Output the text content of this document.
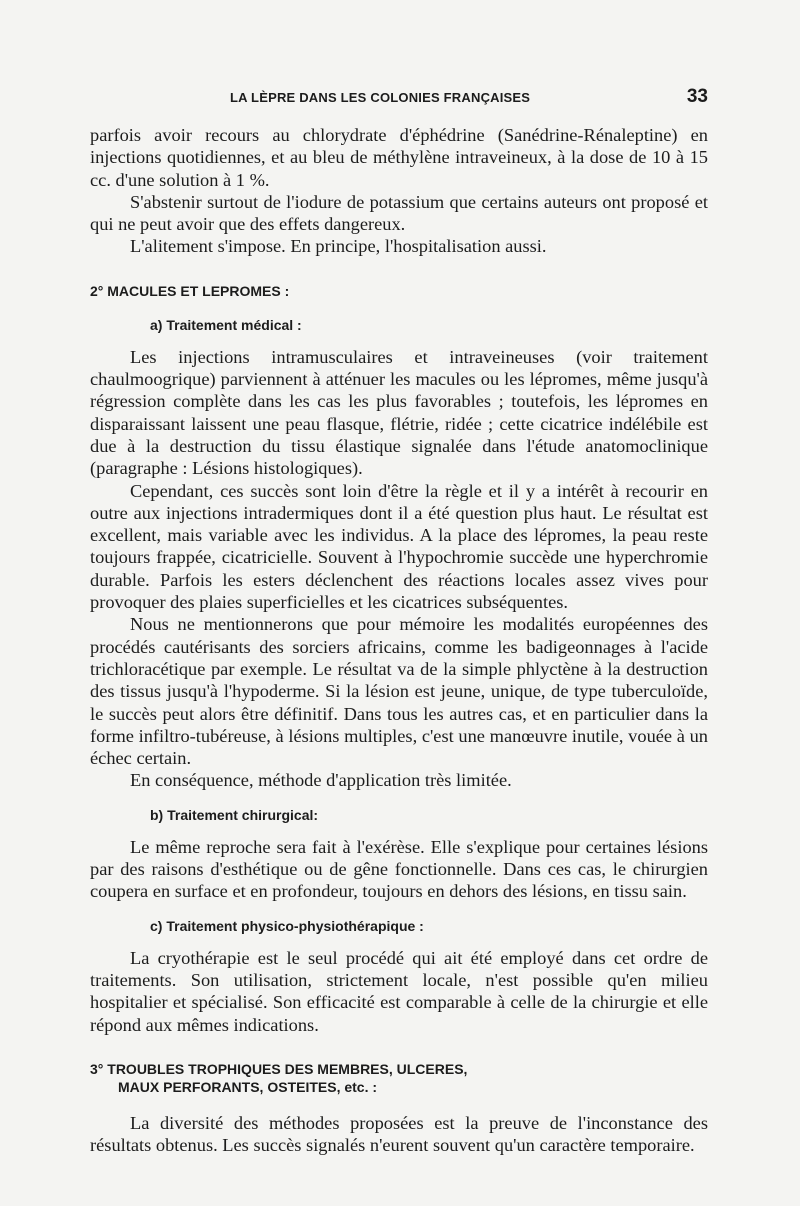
LA LÈPRE DANS LES COLONIES FRANÇAISES	33

parfois avoir recours au chlorydrate d'éphédrine (Sanédrine-Rénaleptine) en injections quotidiennes, et au bleu de méthylène intraveineux, à la dose de 10 à 15 cc. d'une solution à 1 %.

S'abstenir surtout de l'iodure de potassium que certains auteurs ont proposé et qui ne peut avoir que des effets dangereux.

L'alitement s'impose. En principe, l'hospitalisation aussi.

2° MACULES ET LEPROMES :
a) Traitement médical :

Les injections intramusculaires et intraveineuses (voir traitement chaulmoogrique) parviennent à atténuer les macules ou les lépromes, même jusqu'à régression complète dans les cas les plus favorables ; toutefois, les lépromes en disparaissant laissent une peau flasque, flétrie, ridée ; cette cicatrice indélébile est due à la destruction du tissu élastique signalée dans l'étude anatomoclinique (paragraphe : Lésions histologiques).

Cependant, ces succès sont loin d'être la règle et il y a intérêt à recourir en outre aux injections intradermiques dont il a été question plus haut. Le résultat est excellent, mais variable avec les individus. A la place des lépromes, la peau reste toujours frappée, cicatricielle. Souvent à l'hypochromie succède une hyperchromie durable. Parfois les esters déclenchent des réactions locales assez vives pour provoquer des plaies superficielles et les cicatrices subséquentes.

Nous ne mentionnerons que pour mémoire les modalités européennes des procédés cautérisants des sorciers africains, comme les badigeonnages à l'acide trichloracétique par exemple. Le résultat va de la simple phlyctène à la destruction des tissus jusqu'à l'hypoderme. Si la lésion est jeune, unique, de type tuberculoïde, le succès peut alors être définitif. Dans tous les autres cas, et en particulier dans la forme infiltro-tubéreuse, à lésions multiples, c'est une manœuvre inutile, vouée à un échec certain.

En conséquence, méthode d'application très limitée.

b) Traitement chirurgical:

Le même reproche sera fait à l'exérèse. Elle s'explique pour certaines lésions par des raisons d'esthétique ou de gêne fonctionnelle. Dans ces cas, le chirurgien coupera en surface et en profondeur, toujours en dehors des lésions, en tissu sain.

c) Traitement physico-physiothérapique :

La cryothérapie est le seul procédé qui ait été employé dans cet ordre de traitements. Son utilisation, strictement locale, n'est possible qu'en milieu hospitalier et spécialisé. Son efficacité est comparable à celle de la chirurgie et elle répond aux mêmes indications.

3° TROUBLES TROPHIQUES DES MEMBRES, ULCERES,
MAUX PERFORANTS, OSTEITES, etc. :

La diversité des méthodes proposées est la preuve de l'inconstance des résultats obtenus. Les succès signalés n'eurent souvent qu'un caractère temporaire.
